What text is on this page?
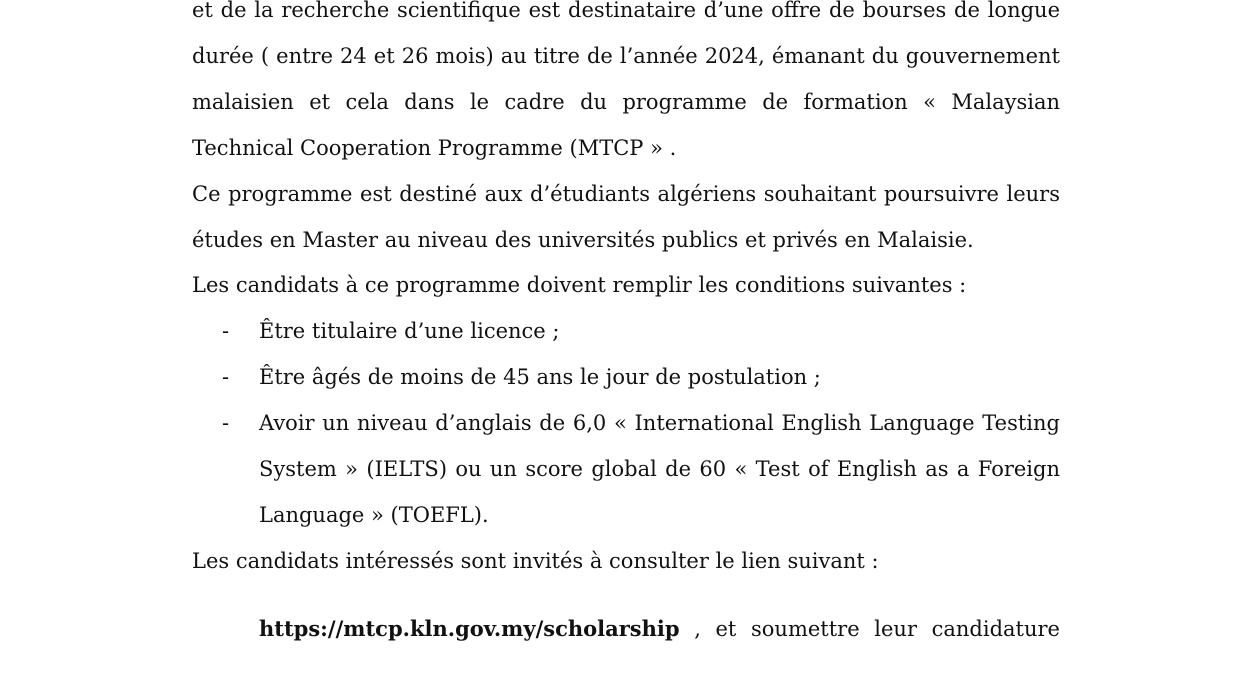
et de la recherche scientifique est destinataire d’une offre de bourses de longue durée ( entre 24 et 26 mois) au titre de l’année 2024, émanant du gouvernement malaisien et cela dans le cadre du programme de formation « Malaysian Technical Cooperation Programme (MTCP » .

Ce programme est destiné aux d’étudiants algériens souhaitant poursuivre leurs études en Master au niveau des universités publics et privés en Malaisie.

Les candidats à ce programme doivent remplir les conditions suivantes :

-	Être titulaire d’une licence ;
-	Être âgés de moins de 45 ans le jour de postulation ;
-	Avoir un niveau d’anglais de 6,0 « International English Language Testing System » (IELTS) ou un score global de 60 « Test of English as a Foreign Language » (TOEFL).

Les candidats intéressés sont invités à consulter le lien suivant :

https://mtcp.kln.gov.my/scholarship , et soumettre leur candidature
